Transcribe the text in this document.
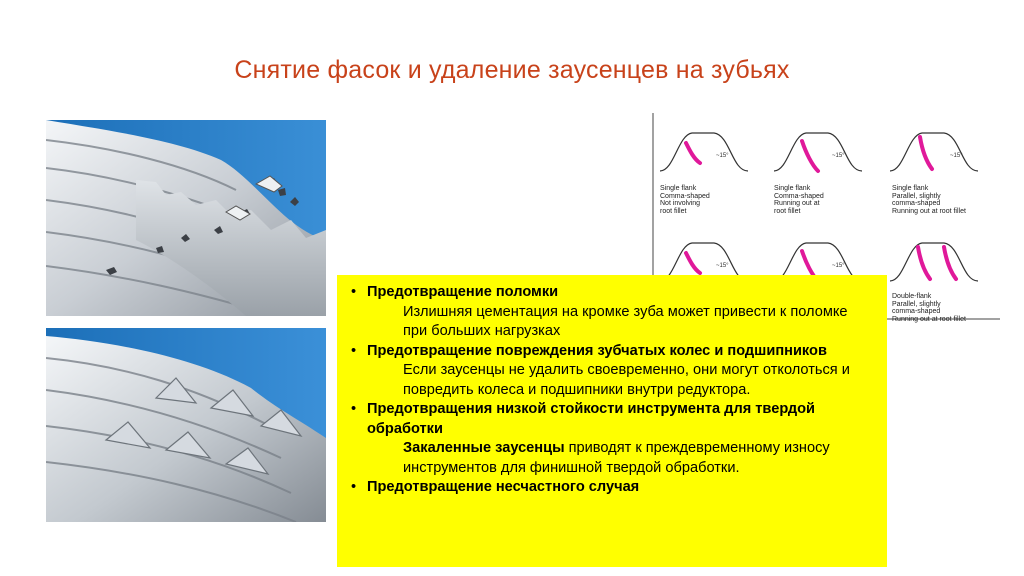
Снятие фасок и удаление заусенцев на зубьях
~15°	~15°	~15°
~15°	~15°
Single flank
Comma-shaped
Not involving
root fillet
Single flank
Comma-shaped
Running out at
root fillet
Single flank
Parallel, slightly
comma-shaped
Running out at root fillet
Double-flank
Parallel, slightly
comma-shaped
Running out at root fillet
• Предотвращение поломки
Излишняя цементация на кромке зуба может привести к поломке при больших нагрузках
• Предотвращение повреждения зубчатых колес и подшипников
Если заусенцы не удалить своевременно, они могут отколоться и повредить колеса и подшипники внутри редуктора.
• Предотвращения низкой стойкости инструмента для твердой обработки
Закаленные заусенцы приводят к преждевременному износу инструментов для финишной твердой обработки.
• Предотвращение несчастного случая
